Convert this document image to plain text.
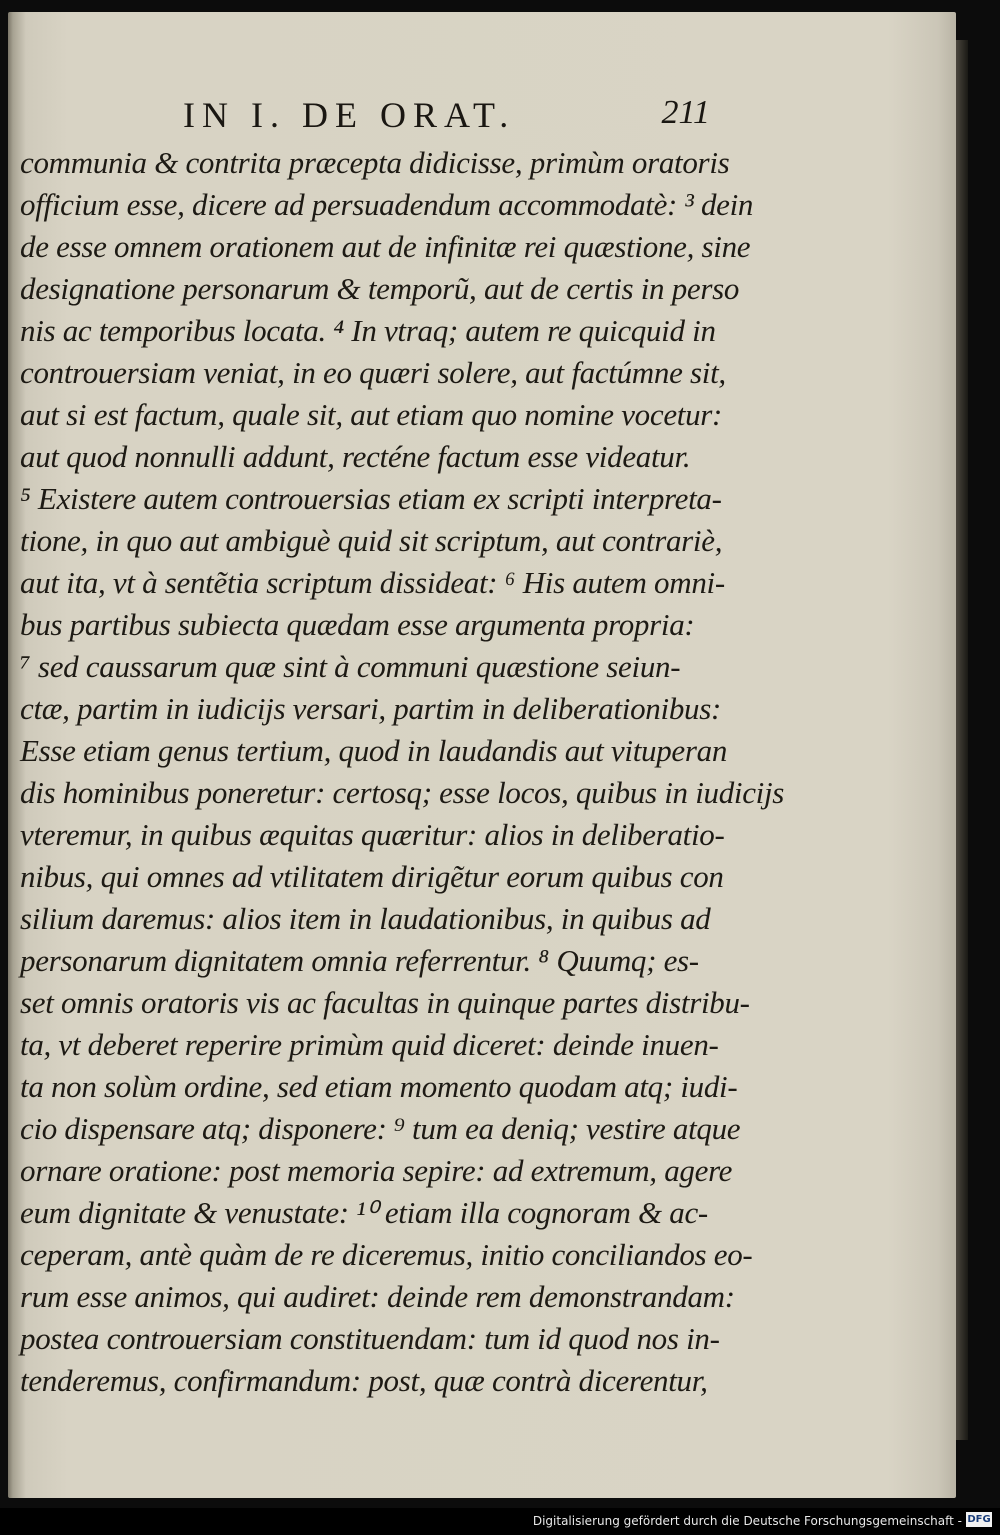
IN I. DE ORAT.	211
communia & contrita præcepta didicisse, primùm oratoris
officium esse, dicere ad persuadendum accommodatè: ³ dein
de esse omnem orationem aut de infinitæ rei quæstione, sine
designatione personarum & temporũ, aut de certis in perso
nis ac temporibus locata. ⁴ In vtraq; autem re quicquid in
controuersiam veniat, in eo quæri solere, aut factúmne sit,
aut si est factum, quale sit, aut etiam quo nomine vocetur:
aut quod nonnulli addunt, recténe factum esse videatur.
⁵ Existere autem controuersias etiam ex scripti interpreta-
tione, in quo aut ambiguè quid sit scriptum, aut contrariè,
aut ita, vt à sentẽtia scriptum dissideat: ⁶ His autem omni-
bus partibus subiecta quædam esse argumenta propria:
⁷ sed caussarum quæ sint à communi quæstione seiun-
ctæ, partim in iudicijs versari, partim in deliberationibus:
Esse etiam genus tertium, quod in laudandis aut vituperan
dis hominibus poneretur: certosq; esse locos, quibus in iudicijs
vteremur, in quibus æquitas quæritur: alios in deliberatio-
nibus, qui omnes ad vtilitatem dirigẽtur eorum quibus con
silium daremus: alios item in laudationibus, in quibus ad
personarum dignitatem omnia referrentur. ⁸ Quumq; es-
set omnis oratoris vis ac facultas in quinque partes distribu-
ta, vt deberet reperire primùm quid diceret: deinde inuen-
ta non solùm ordine, sed etiam momento quodam atq; iudi-
cio dispensare atq; disponere: ⁹ tum ea deniq; vestire atque
ornare oratione: post memoria sepire: ad extremum, agere
eum dignitate & venustate: ¹⁰ etiam illa cognoram & ac-
ceperam, antè quàm de re diceremus, initio conciliandos eo-
rum esse animos, qui audiret: deinde rem demonstrandam:
postea controuersiam constituendam: tum id quod nos in-
tenderemus, confirmandum: post, quæ contrà dicerentur,
Digitalisierung gefördert durch die Deutsche Forschungsgemeinschaft - DFG
